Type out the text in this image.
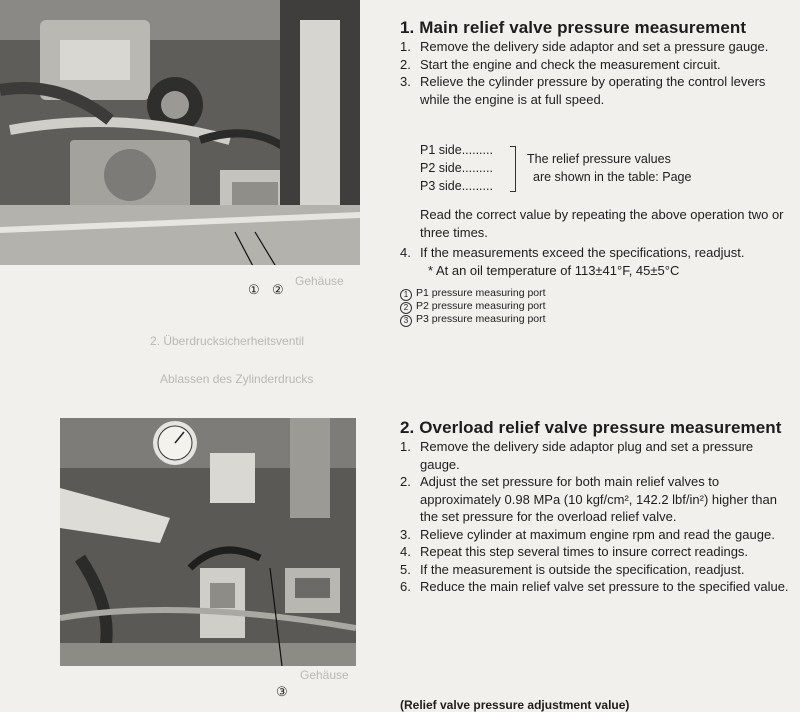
Gehäuse
2. Überdrucksicherheitsventil
Ablassen des Zylinderdrucks
Gehäuse
① ②
③
1. Main relief valve pressure measurement
1. Remove the delivery side adaptor and set a pressure gauge.
2. Start the engine and check the measurement circuit.
3. Relieve the cylinder pressure by operating the control levers while the engine is at full speed.
P1 side.........
P2 side.........
P3 side.........
The relief pressure values
are shown in the table: Page
Read the correct value by repeating the above operation two or three times.
4. If the measurements exceed the specifications, readjust.
* At an oil temperature of 113±41°F, 45±5°C
1 P1 pressure measuring port
2 P2 pressure measuring port
3 P3 pressure measuring port
2. Overload relief valve pressure measurement
1. Remove the delivery side adaptor plug and set a pressure gauge.
2. Adjust the set pressure for both main relief valves to approximately 0.98 MPa (10 kgf/cm², 142.2 lbf/in²) higher than the set pressure for the overload relief valve.
3. Relieve cylinder at maximum engine rpm and read the gauge.
4. Repeat this step several times to insure correct readings.
5. If the measurement is outside the specification, readjust.
6. Reduce the main relief valve set pressure to the specified value.
(Relief valve pressure adjustment value)
